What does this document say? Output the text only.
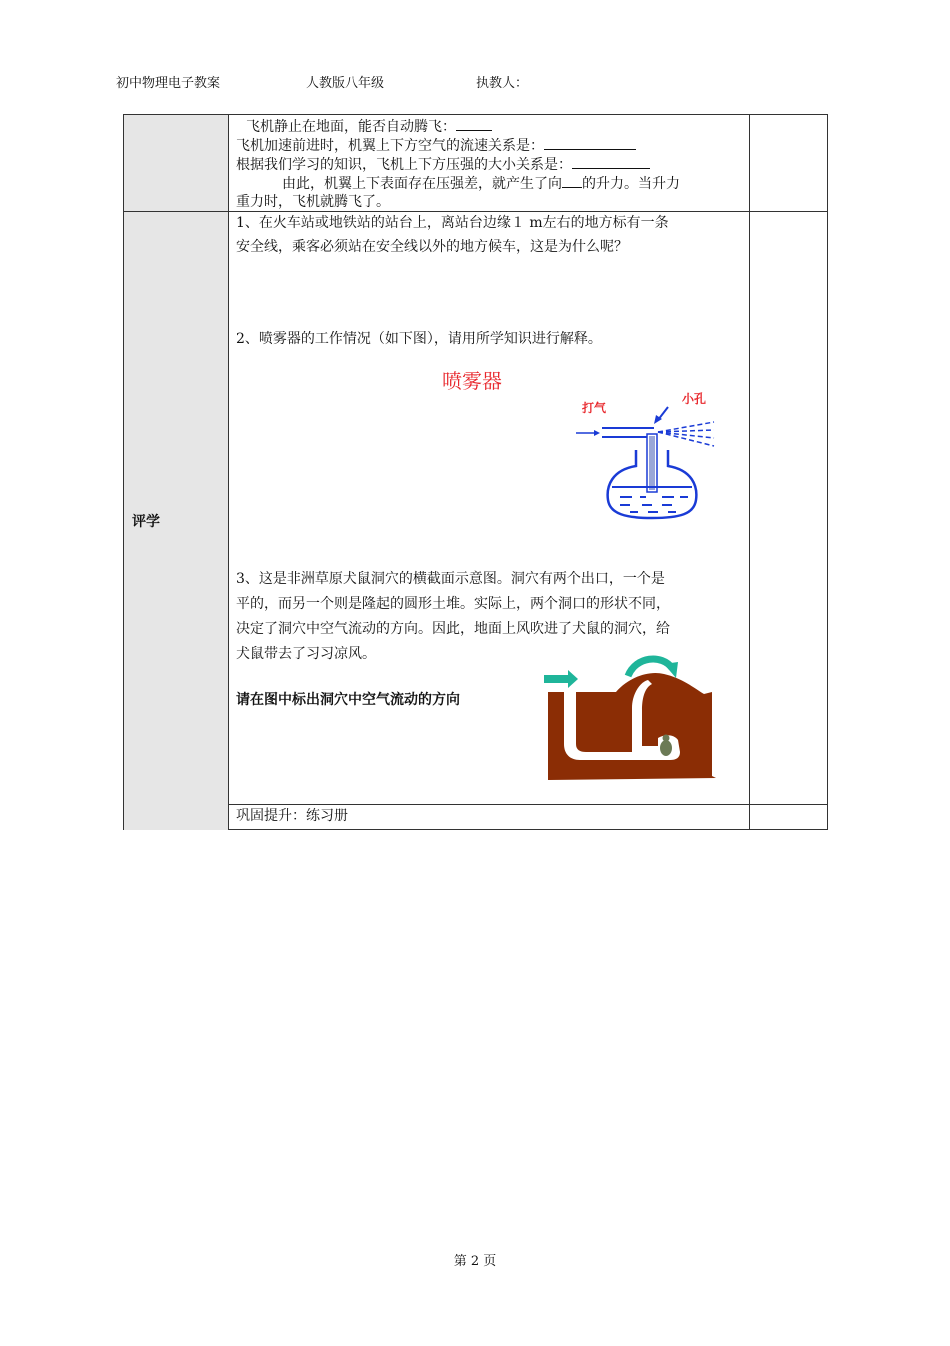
初中物理电子教案	人教版八年级	执教人：
飞机静止在地面，能否自动腾飞：
飞机加速前进时，机翼上下方空气的流速关系是：
根据我们学习的知识，飞机上下方压强的大小关系是：
由此，机翼上下表面存在压强差，就产生了向 的升力。当升力
重力时，飞机就腾飞了。
评学
1、在火车站或地铁站的站台上，离站台边缘１ m左右的地方标有一条
安全线，乘客必须站在安全线以外的地方候车，这是为什么呢？
2、喷雾器的工作情况（如下图），请用所学知识进行解释。
喷雾器
打气
小孔
3、这是非洲草原犬鼠洞穴的横截面示意图。洞穴有两个出口，一个是
平的，而另一个则是隆起的圆形土堆。实际上，两个洞口的形状不同，
决定了洞穴中空气流动的方向。因此，地面上风吹进了犬鼠的洞穴，给
犬鼠带去了习习凉风。
请在图中标出洞穴中空气流动的方向
巩固提升：练习册
第 2 页
